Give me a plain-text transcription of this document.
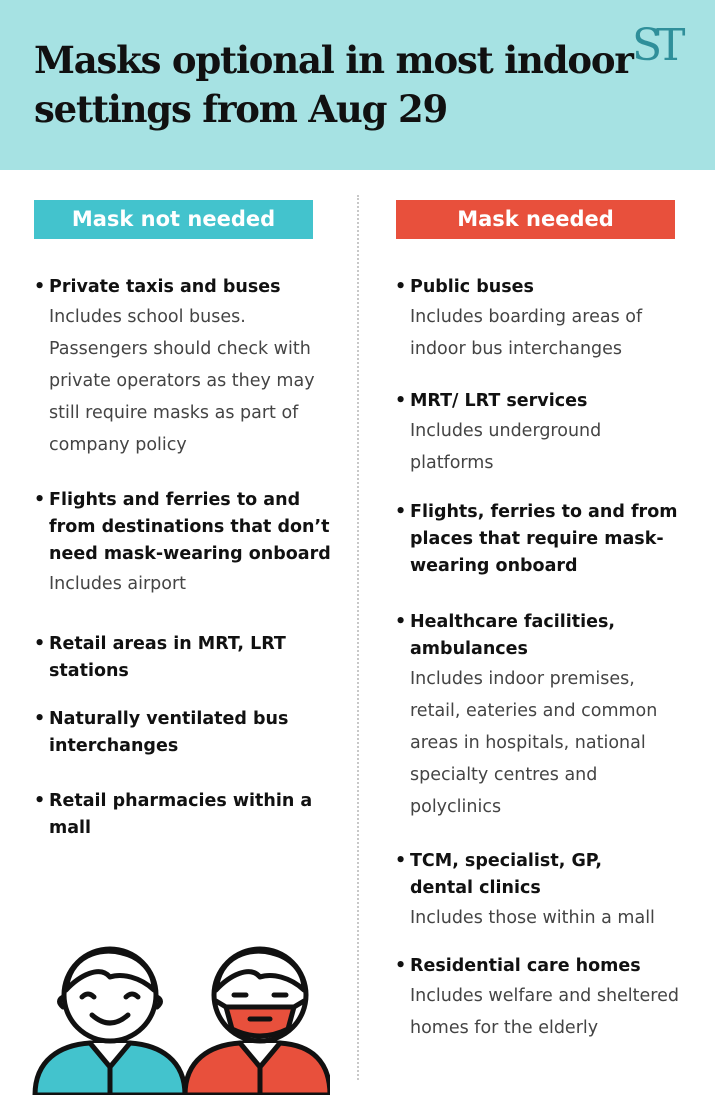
Masks optional in most indoor
settings from Aug 29
ST
Mask not needed	Mask needed
• Private taxis and buses
Includes school buses.
Passengers should check with
private operators as they may
still require masks as part of
company policy
• Flights and ferries to and
from destinations that don’t
need mask-wearing onboard
Includes airport
• Retail areas in MRT, LRT
stations
• Naturally ventilated bus
interchanges
• Retail pharmacies within a
mall
• Public buses
Includes boarding areas of
indoor bus interchanges
• MRT/ LRT services
Includes underground
platforms
• Flights, ferries to and from
places that require mask-
wearing onboard
• Healthcare facilities,
ambulances
Includes indoor premises,
retail, eateries and common
areas in hospitals, national
specialty centres and
polyclinics
• TCM, specialist, GP,
dental clinics
Includes those within a mall
• Residential care homes
Includes welfare and sheltered
homes for the elderly
